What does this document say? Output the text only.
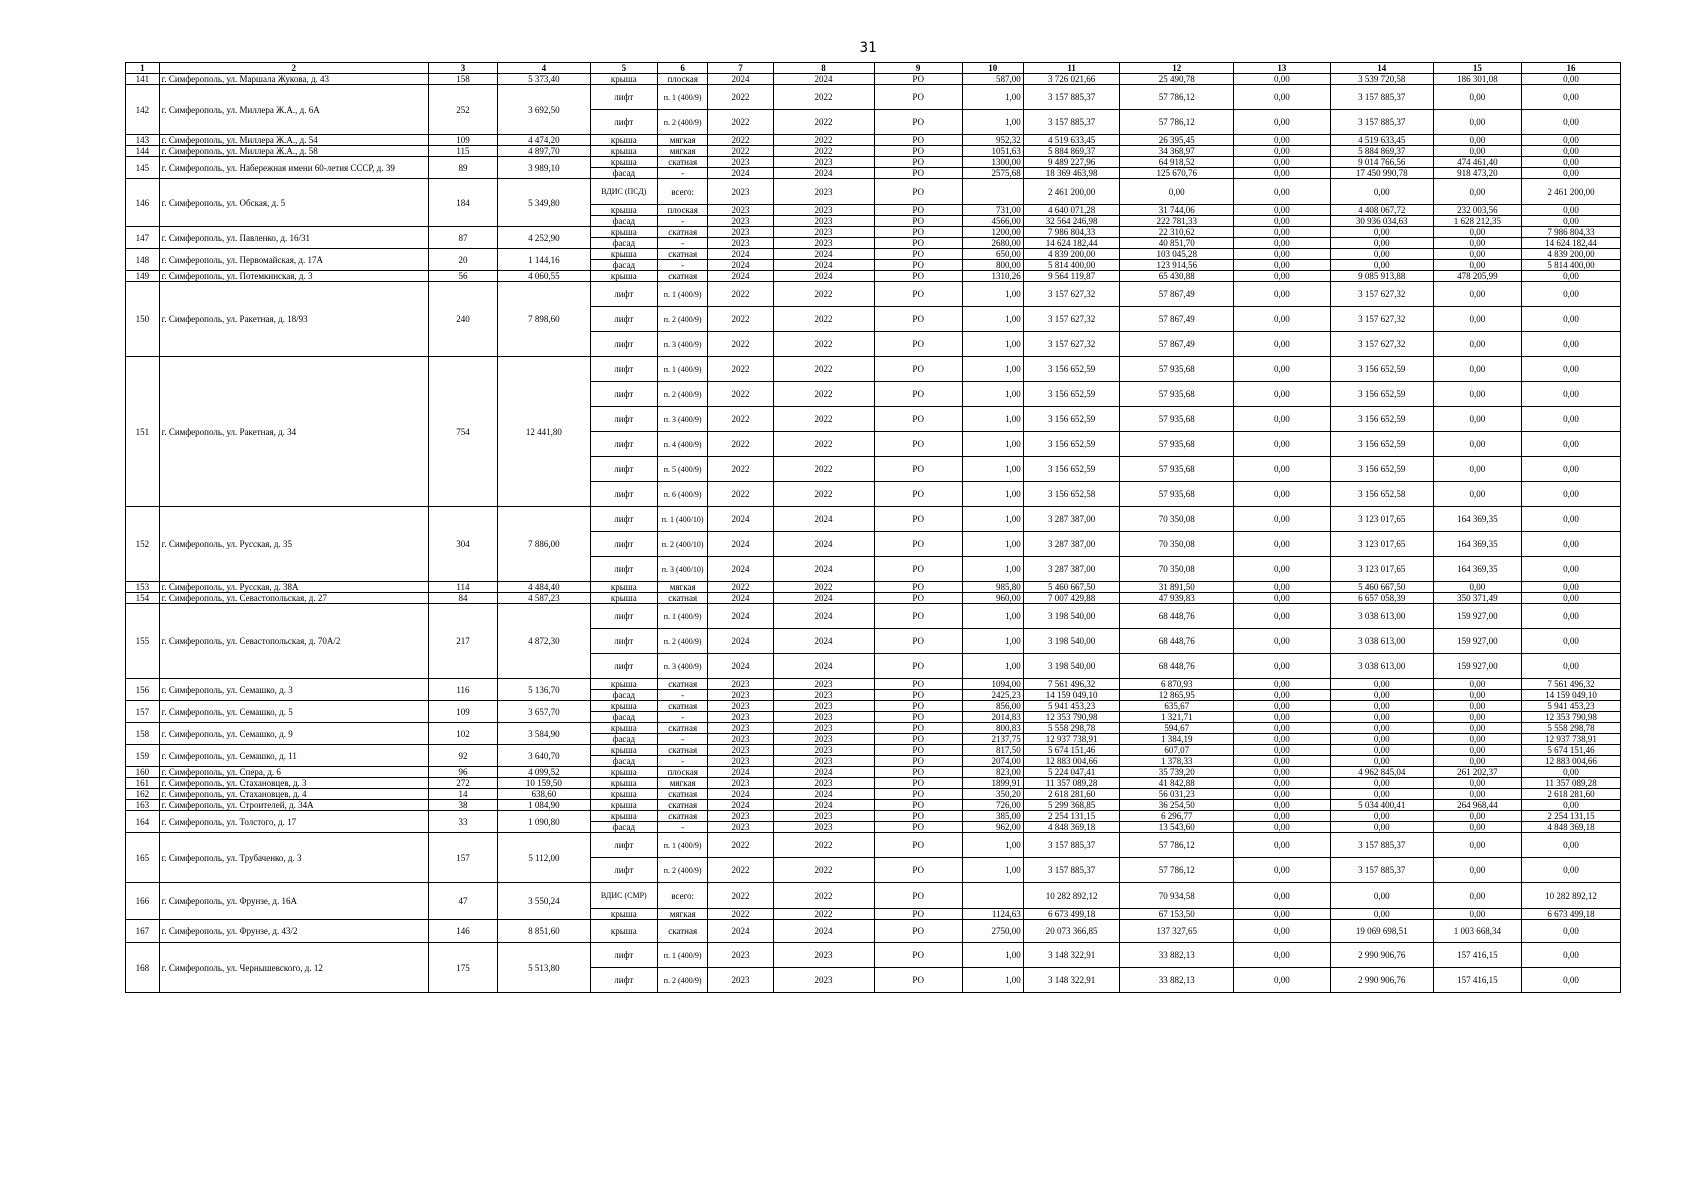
31
1	2	3	4	5	6	7	8	9	10	11	12	13	14	15	16
141	г. Симферополь, ул. Маршала Жукова, д. 43	158	5 373,40	крыша	плоская	2024	2024	РО	587,00	3 726 021,66	25 490,78	0,00	3 539 720,58	186 301,08	0,00
142	г. Симферополь, ул. Миллера Ж.А., д. 6А	252	3 692,50	лифт	п. 1 (400/9)	2022	2022	РО	1,00	3 157 885,37	57 786,12	0,00	3 157 885,37	0,00	0,00
				лифт	п. 2 (400/9)	2022	2022	РО	1,00	3 157 885,37	57 786,12	0,00	3 157 885,37	0,00	0,00
143	г. Симферополь, ул. Миллера Ж.А., д. 54	109	4 474,20	крыша	мягкая	2022	2022	РО	952,32	4 519 633,45	26 395,45	0,00	4 519 633,45	0,00	0,00
144	г. Симферополь, ул. Миллера Ж.А., д. 58	115	4 897,70	крыша	мягкая	2022	2022	РО	1051,63	5 884 869,37	34 368,97	0,00	5 884 869,37	0,00	0,00
145	г. Симферополь, ул. Набережная имени 60-летия СССР, д. 39	89	3 989,10	крыша	скатная	2023	2023	РО	1300,00	9 489 227,96	64 918,52	0,00	9 014 766,56	474 461,40	0,00
				фасад	-	2024	2024	РО	2575,68	18 369 463,98	125 670,76	0,00	17 450 990,78	918 473,20	0,00
146	г. Симферополь, ул. Обская, д. 5	184	5 349,80	ВДИС (ПСД)	всего:	2023	2023	РО		2 461 200,00	0,00	0,00	0,00	0,00	2 461 200,00
				крыша	плоская	2023	2023	РО	731,00	4 640 071,28	31 744,06	0,00	4 408 067,72	232 003,56	0,00
				фасад	-	2023	2023	РО	4566,00	32 564 246,98	222 781,33	0,00	30 936 034,63	1 628 212,35	0,00
147	г. Симферополь, ул. Павленко, д. 16/31	87	4 252,90	крыша	скатная	2023	2023	РО	1200,00	7 986 804,33	22 310,62	0,00	0,00	0,00	7 986 804,33
				фасад	-	2023	2023	РО	2680,00	14 624 182,44	40 851,70	0,00	0,00	0,00	14 624 182,44
148	г. Симферополь, ул. Первомайская, д. 17А	20	1 144,16	крыша	скатная	2024	2024	РО	650,00	4 839 200,00	103 045,28	0,00	0,00	0,00	4 839 200,00
				фасад	-	2024	2024	РО	800,00	5 814 400,00	123 914,56	0,00	0,00	0,00	5 814 400,00
149	г. Симферополь, ул. Потемкинская, д. 3	56	4 060,55	крыша	скатная	2024	2024	РО	1310,26	9 564 119,87	65 430,88	0,00	9 085 913,88	478 205,99	0,00
150	г. Симферополь, ул. Ракетная, д. 18/93	240	7 898,60	лифт	п. 1 (400/9)	2022	2022	РО	1,00	3 157 627,32	57 867,49	0,00	3 157 627,32	0,00	0,00
				лифт	п. 2 (400/9)	2022	2022	РО	1,00	3 157 627,32	57 867,49	0,00	3 157 627,32	0,00	0,00
				лифт	п. 3 (400/9)	2022	2022	РО	1,00	3 157 627,32	57 867,49	0,00	3 157 627,32	0,00	0,00
151	г. Симферополь, ул. Ракетная, д. 34	754	12 441,80	лифт	п. 1 (400/9)	2022	2022	РО	1,00	3 156 652,59	57 935,68	0,00	3 156 652,59	0,00	0,00
				лифт	п. 2 (400/9)	2022	2022	РО	1,00	3 156 652,59	57 935,68	0,00	3 156 652,59	0,00	0,00
				лифт	п. 3 (400/9)	2022	2022	РО	1,00	3 156 652,59	57 935,68	0,00	3 156 652,59	0,00	0,00
				лифт	п. 4 (400/9)	2022	2022	РО	1,00	3 156 652,59	57 935,68	0,00	3 156 652,59	0,00	0,00
				лифт	п. 5 (400/9)	2022	2022	РО	1,00	3 156 652,59	57 935,68	0,00	3 156 652,59	0,00	0,00
				лифт	п. 6 (400/9)	2022	2022	РО	1,00	3 156 652,58	57 935,68	0,00	3 156 652,58	0,00	0,00
152	г. Симферополь, ул. Русская, д. 35	304	7 886,00	лифт	п. 1 (400/10)	2024	2024	РО	1,00	3 287 387,00	70 350,08	0,00	3 123 017,65	164 369,35	0,00
				лифт	п. 2 (400/10)	2024	2024	РО	1,00	3 287 387,00	70 350,08	0,00	3 123 017,65	164 369,35	0,00
				лифт	п. 3 (400/10)	2024	2024	РО	1,00	3 287 387,00	70 350,08	0,00	3 123 017,65	164 369,35	0,00
153	г. Симферополь, ул. Русская, д. 38А	114	4 484,40	крыша	мягкая	2022	2022	РО	985,80	5 460 667,50	31 891,50	0,00	5 460 667,50	0,00	0,00
154	г. Симферополь, ул. Севастопольская, д. 27	84	4 587,23	крыша	скатная	2024	2024	РО	960,00	7 007 429,88	47 939,83	0,00	6 657 058,39	350 371,49	0,00
155	г. Симферополь, ул. Севастопольская, д. 70А/2	217	4 872,30	лифт	п. 1 (400/9)	2024	2024	РО	1,00	3 198 540,00	68 448,76	0,00	3 038 613,00	159 927,00	0,00
				лифт	п. 2 (400/9)	2024	2024	РО	1,00	3 198 540,00	68 448,76	0,00	3 038 613,00	159 927,00	0,00
				лифт	п. 3 (400/9)	2024	2024	РО	1,00	3 198 540,00	68 448,76	0,00	3 038 613,00	159 927,00	0,00
156	г. Симферополь, ул. Семашко, д. 3	116	5 136,70	крыша	скатная	2023	2023	РО	1094,00	7 561 496,32	6 870,93	0,00	0,00	0,00	7 561 496,32
				фасад	-	2023	2023	РО	2425,23	14 159 049,10	12 865,95	0,00	0,00	0,00	14 159 049,10
157	г. Симферополь, ул. Семашко, д. 5	109	3 657,70	крыша	скатная	2023	2023	РО	856,00	5 941 453,23	635,67	0,00	0,00	0,00	5 941 453,23
				фасад	-	2023	2023	РО	2014,83	12 353 790,98	1 321,71	0,00	0,00	0,00	12 353 790,98
158	г. Симферополь, ул. Семашко, д. 9	102	3 584,90	крыша	скатная	2023	2023	РО	800,83	5 558 298,78	594,67	0,00	0,00	0,00	5 558 298,78
				фасад	-	2023	2023	РО	2137,75	12 937 738,91	1 384,19	0,00	0,00	0,00	12 937 738,91
159	г. Симферополь, ул. Семашко, д. 11	92	3 640,70	крыша	скатная	2023	2023	РО	817,50	5 674 151,46	607,07	0,00	0,00	0,00	5 674 151,46
				фасад	-	2023	2023	РО	2074,00	12 883 004,66	1 378,33	0,00	0,00	0,00	12 883 004,66
160	г. Симферополь, ул. Спера, д. 6	96	4 099,52	крыша	плоская	2024	2024	РО	823,00	5 224 047,41	35 739,20	0,00	4 962 845,04	261 202,37	0,00
161	г. Симферополь, ул. Стахановцев, д. 3	272	10 159,50	крыша	мягкая	2023	2023	РО	1899,91	11 357 089,28	41 842,88	0,00	0,00	0,00	11 357 089,28
162	г. Симферополь, ул. Стахановцев, д. 4	14	638,60	крыша	скатная	2024	2024	РО	350,20	2 618 281,60	56 031,23	0,00	0,00	0,00	2 618 281,60
163	г. Симферополь, ул. Строителей, д. 34А	38	1 084,90	крыша	скатная	2024	2024	РО	726,00	5 299 368,85	36 254,50	0,00	5 034 400,41	264 968,44	0,00
164	г. Симферополь, ул. Толстого, д. 17	33	1 090,80	крыша	скатная	2023	2023	РО	385,00	2 254 131,15	6 296,77	0,00	0,00	0,00	2 254 131,15
				фасад	-	2023	2023	РО	962,00	4 848 369,18	13 543,60	0,00	0,00	0,00	4 848 369,18
165	г. Симферополь, ул. Трубаченко, д. 3	157	5 112,00	лифт	п. 1 (400/9)	2022	2022	РО	1,00	3 157 885,37	57 786,12	0,00	3 157 885,37	0,00	0,00
				лифт	п. 2 (400/9)	2022	2022	РО	1,00	3 157 885,37	57 786,12	0,00	3 157 885,37	0,00	0,00
166	г. Симферополь, ул. Фрунзе, д. 16А	47	3 550,24	ВДИС (СМР)	всего:	2022	2022	РО		10 282 892,12	70 934,58	0,00	0,00	0,00	10 282 892,12
				крыша	мягкая	2022	2022	РО	1124,63	6 673 499,18	67 153,50	0,00	0,00	0,00	6 673 499,18
167	г. Симферополь, ул. Фрунзе, д. 43/2	146	8 851,60	крыша	скатная	2024	2024	РО	2750,00	20 073 366,85	137 327,65	0,00	19 069 698,51	1 003 668,34	0,00
168	г. Симферополь, ул. Чернышевского, д. 12	175	5 513,80	лифт	п. 1 (400/9)	2023	2023	РО	1,00	3 148 322,91	33 882,13	0,00	2 990 906,76	157 416,15	0,00
				лифт	п. 2 (400/9)	2023	2023	РО	1,00	3 148 322,91	33 882,13	0,00	2 990 906,76	157 416,15	0,00
